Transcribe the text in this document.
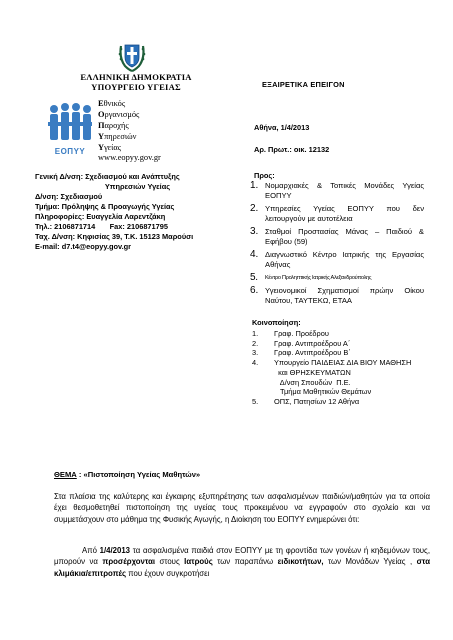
ΕΛΛΗΝΙΚΗ ΔΗΜΟΚΡΑΤΙΑ
ΥΠΟΥΡΓΕΙΟ ΥΓΕΙΑΣ
ΕΟΠΥΥ
Εθνικός
Οργανισμός
Παροχής
Υπηρεσιών
Υγείας
www.eopyy.gov.gr
ΕΞΑΙΡΕΤΙΚΑ ΕΠΕΙΓΟΝ
Αθήνα, 1/4/2013
Αρ. Πρωτ.: οικ. 12132
Γενική Δ/νση: Σχεδιασμού και Ανάπτυξης
Υπηρεσιών Υγείας
Δ/νση: Σχεδιασμού
Τμήμα: Πρόληψης & Προαγωγής Υγείας
Πληροφορίες: Ευαγγελία Λαρεντζάκη
Τηλ.: 2106871714       Fax: 2106871795
Ταχ. Δ/νση: Κηφισίας 39, Τ.Κ. 15123 Μαρούσι
E-mail: d7.t4@eopyy.gov.gr
Προς:
1. Νομαρχιακές & Τοπικές Μονάδες Υγείας ΕΟΠΥΥ
2. Υπηρεσίες Υγείας ΕΟΠΥΥ που δεν λειτουργούν με αυτοτέλεια
3. Σταθμοί Προστασίας Μάνας – Παιδιού & Εφήβου (59)
4. Διαγνωστικό Κέντρο Ιατρικής της Εργασίας Αθήνας
5. Κέντρο Προληπτικής Ιατρικής Αλεξανδρούπολης
6. Υγειονομικοί Σχηματισμοί πρώην Οίκου Ναύτου, ΤΑΥΤΕΚΩ, ΕΤΑΑ
Κοινοποίηση:
1. Γραφ. Προέδρου
2. Γραφ. Αντιπροέδρου Α΄
3. Γραφ. Αντιπροέδρου Β΄
4. Υπουργείο ΠΑΙΔΕΙΑΣ ΔΙΑ ΒΙΟΥ ΜΑΘΗΣΗ
και ΘΡΗΣΚΕΥΜΑΤΩΝ
Δ/νση Σπουδών  Π.Ε.
Τμήμα Μαθητικών Θεμάτων
5. ΟΠΣ, Πατησίων 12 Αθήνα
ΘΕΜΑ : «Πιστοποίηση Υγείας Μαθητών»
Στα πλαίσια της καλύτερης και έγκαιρης εξυπηρέτησης των ασφαλισμένων παιδιών/μαθητών για τα οποία έχει θεσμοθετηθεί πιστοποίηση της υγείας τους προκειμένου να εγγραφούν στο σχολείο και να συμμετάσχουν στο μάθημα της Φυσικής Αγωγής, η Διοίκηση του ΕΟΠΥΥ ενημερώνει ότι:
Από 1/4/2013 τα ασφαλισμένα παιδιά στον ΕΟΠΥΥ με τη φροντίδα των γονέων ή κηδεμόνων τους, μπορούν να προσέρχονται στους Ιατρούς των παραπάνω ειδικοτήτων, των Μονάδων Υγείας , στα κλιμάκια/επιτροπές που έχουν συγκροτήσει
